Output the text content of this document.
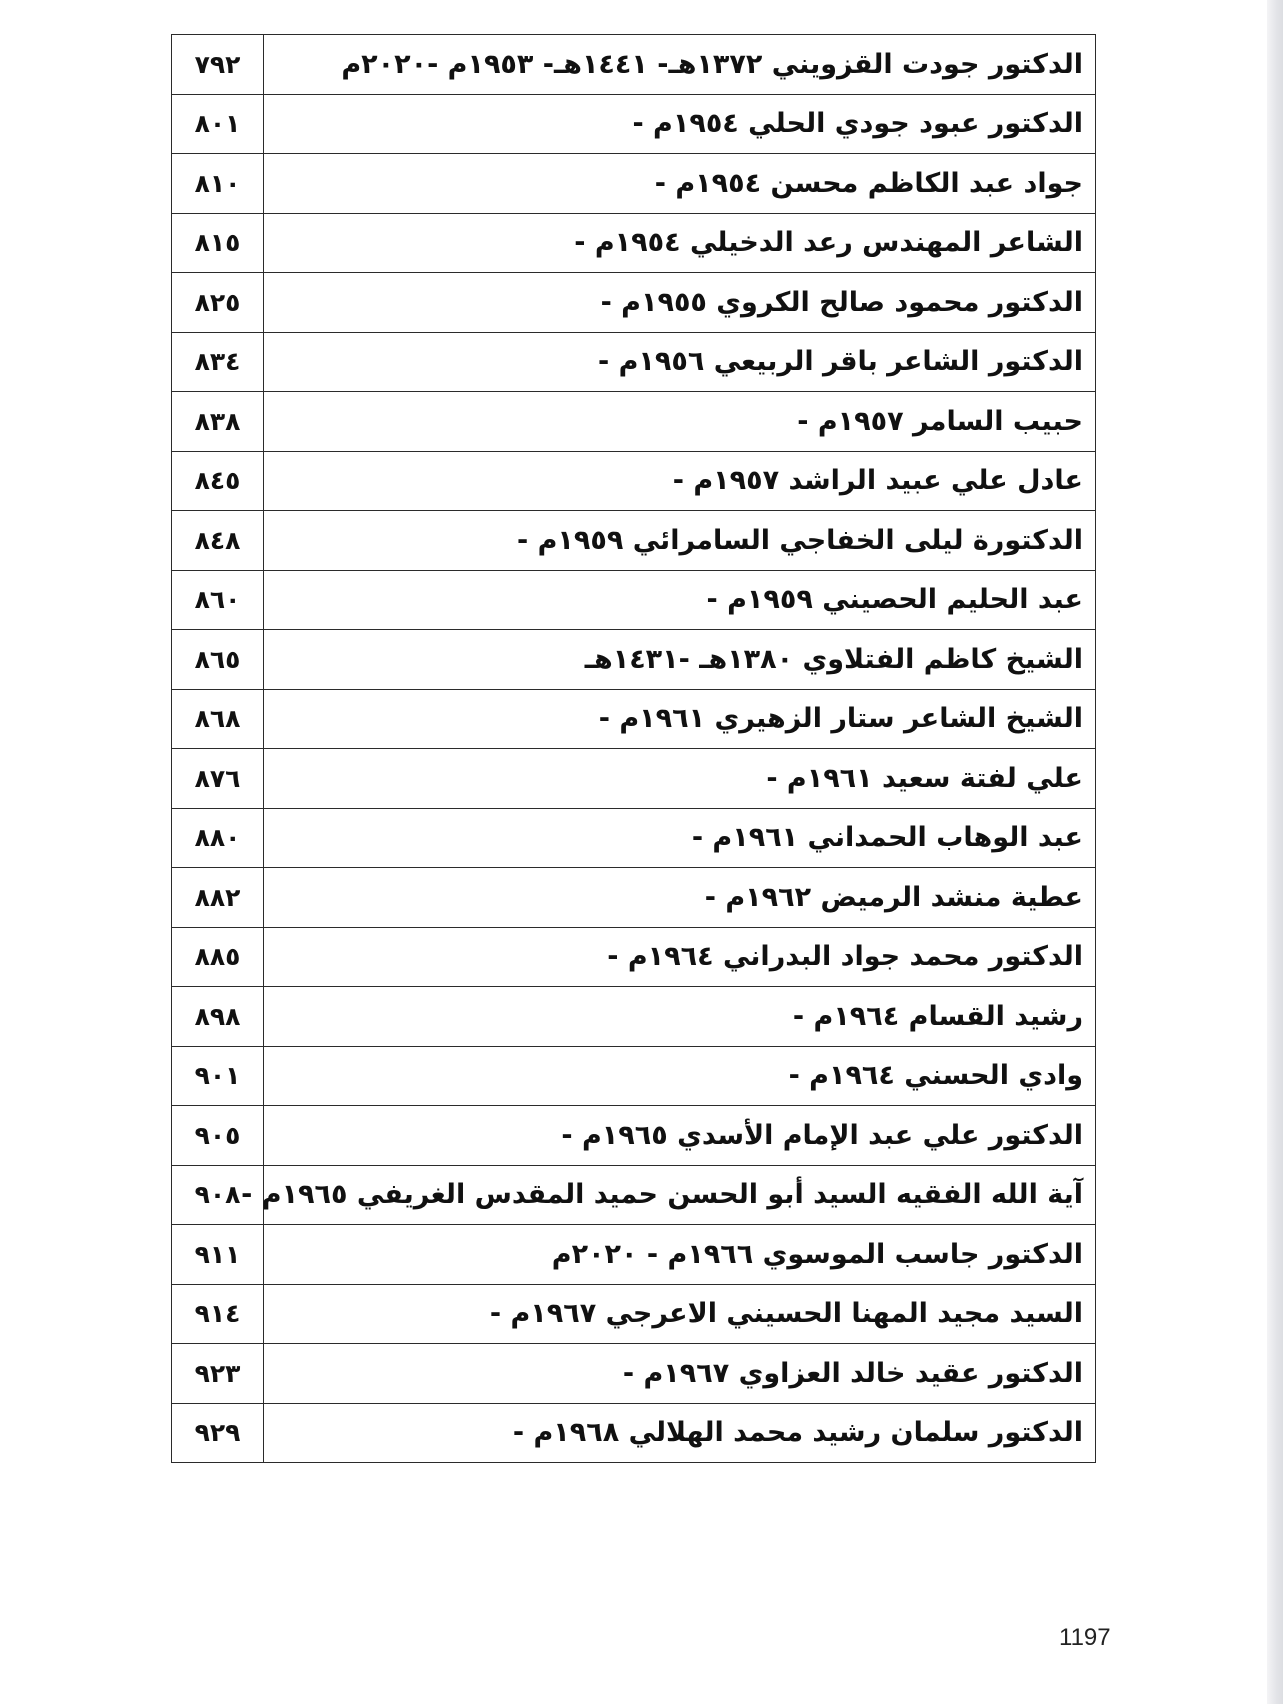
الدكتور جودت القزويني ١٣٧٢هـ- ١٤٤١هـ- ١٩٥٣م -٢٠٢٠م	٧٩٢
الدكتور عبود جودي الحلي ١٩٥٤م -	٨٠١
جواد عبد الكاظم محسن ١٩٥٤م -	٨١٠
الشاعر المهندس رعد الدخيلي ١٩٥٤م -	٨١٥
الدكتور محمود صالح الكروي ١٩٥٥م -	٨٢٥
الدكتور الشاعر باقر الربيعي ١٩٥٦م -	٨٣٤
حبيب السامر ١٩٥٧م -	٨٣٨
عادل علي عبيد الراشد ١٩٥٧م -	٨٤٥
الدكتورة ليلى الخفاجي السامرائي ١٩٥٩م -	٨٤٨
عبد الحليم الحصيني ١٩٥٩م -	٨٦٠
الشيخ كاظم الفتلاوي ١٣٨٠هـ -١٤٣١هـ	٨٦٥
الشيخ الشاعر ستار الزهيري ١٩٦١م -	٨٦٨
علي لفتة سعيد ١٩٦١م -	٨٧٦
عبد الوهاب الحمداني ١٩٦١م -	٨٨٠
عطية منشد الرميض ١٩٦٢م -	٨٨٢
الدكتور محمد جواد البدراني ١٩٦٤م -	٨٨٥
رشيد القسام ١٩٦٤م -	٨٩٨
وادي الحسني ١٩٦٤م -	٩٠١
الدكتور علي عبد الإمام الأسدي ١٩٦٥م -	٩٠٥
آية الله الفقيه السيد أبو الحسن حميد المقدس الغريفي ١٩٦٥م -	٩٠٨
الدكتور جاسب الموسوي ١٩٦٦م - ٢٠٢٠م	٩١١
السيد مجيد المهنا الحسيني الاعرجي ١٩٦٧م -	٩١٤
الدكتور عقيد خالد العزاوي ١٩٦٧م -	٩٢٣
الدكتور سلمان رشيد محمد الهلالي ١٩٦٨م -	٩٢٩
1197
